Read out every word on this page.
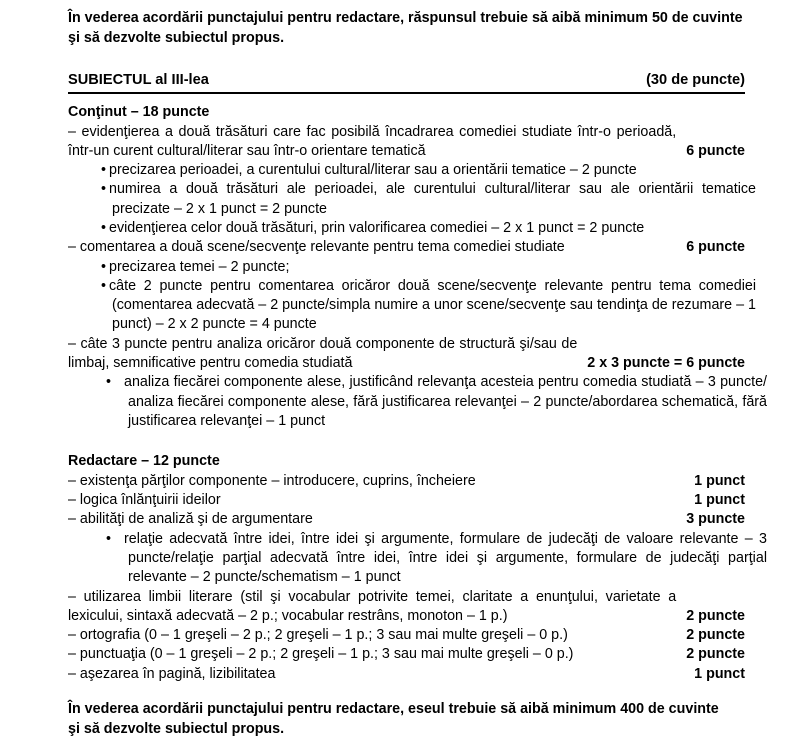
În vederea acordării punctajului pentru redactare, răspunsul trebuie să aibă minimum 50 de cuvinte
şi să dezvolte subiectul propus.
SUBIECTUL al III-lea	(30 de puncte)
Conţinut – 18 puncte
– evidenţierea a două trăsături care fac posibilă încadrarea comediei studiate într-o perioadă, într-un curent cultural/literar sau într-o orientare tematică	6 puncte
• precizarea perioadei, a curentului cultural/literar sau a orientării tematice – 2 puncte
• numirea a două trăsături ale perioadei, ale curentului cultural/literar sau ale orientării tematice precizate – 2 x 1 punct = 2 puncte
• evidenţierea celor două trăsături, prin valorificarea comediei – 2 x 1 punct = 2 puncte
– comentarea a două scene/secvenţe relevante pentru tema comediei studiate	6 puncte
• precizarea temei – 2 puncte;
• câte 2 puncte pentru comentarea oricăror două scene/secvenţe relevante pentru tema comediei (comentarea adecvată – 2 puncte/simpla numire a unor scene/secvenţe sau tendinţa de rezumare – 1 punct) – 2 x 2 puncte = 4 puncte
– câte 3 puncte pentru analiza oricăror două componente de structură şi/sau de limbaj, semnificative pentru comedia studiată	2 x 3 puncte = 6 puncte
• analiza fiecărei componente alese, justificând relevanţa acesteia pentru comedia studiată – 3 puncte/ analiza fiecărei componente alese, fără justificarea relevanţei – 2 puncte/abordarea schematică, fără justificarea relevanţei – 1 punct
Redactare – 12 puncte
– existenţa părţilor componente – introducere, cuprins, încheiere	1 punct
– logica înlănţuirii ideilor	1 punct
– abilităţi de analiză şi de argumentare	3 puncte
• relaţie adecvată între idei, între idei şi argumente, formulare de judecăţi de valoare relevante – 3 puncte/relaţie parţial adecvată între idei, între idei şi argumente, formulare de judecăţi parţial relevante – 2 puncte/schematism – 1 punct
– utilizarea limbii literare (stil şi vocabular potrivite temei, claritate a enunţului, varietate a lexicului, sintaxă adecvată – 2 p.; vocabular restrâns, monoton – 1 p.)	2 puncte
– ortografia (0 – 1 greşeli – 2 p.; 2 greşeli – 1 p.; 3 sau mai multe greşeli – 0 p.)	2 puncte
– punctuaţia (0 – 1 greşeli – 2 p.; 2 greşeli – 1 p.; 3 sau mai multe greşeli – 0 p.)	2 puncte
– aşezarea în pagină, lizibilitatea	1 punct
În vederea acordării punctajului pentru redactare, eseul trebuie să aibă minimum 400 de cuvinte
şi să dezvolte subiectul propus.
